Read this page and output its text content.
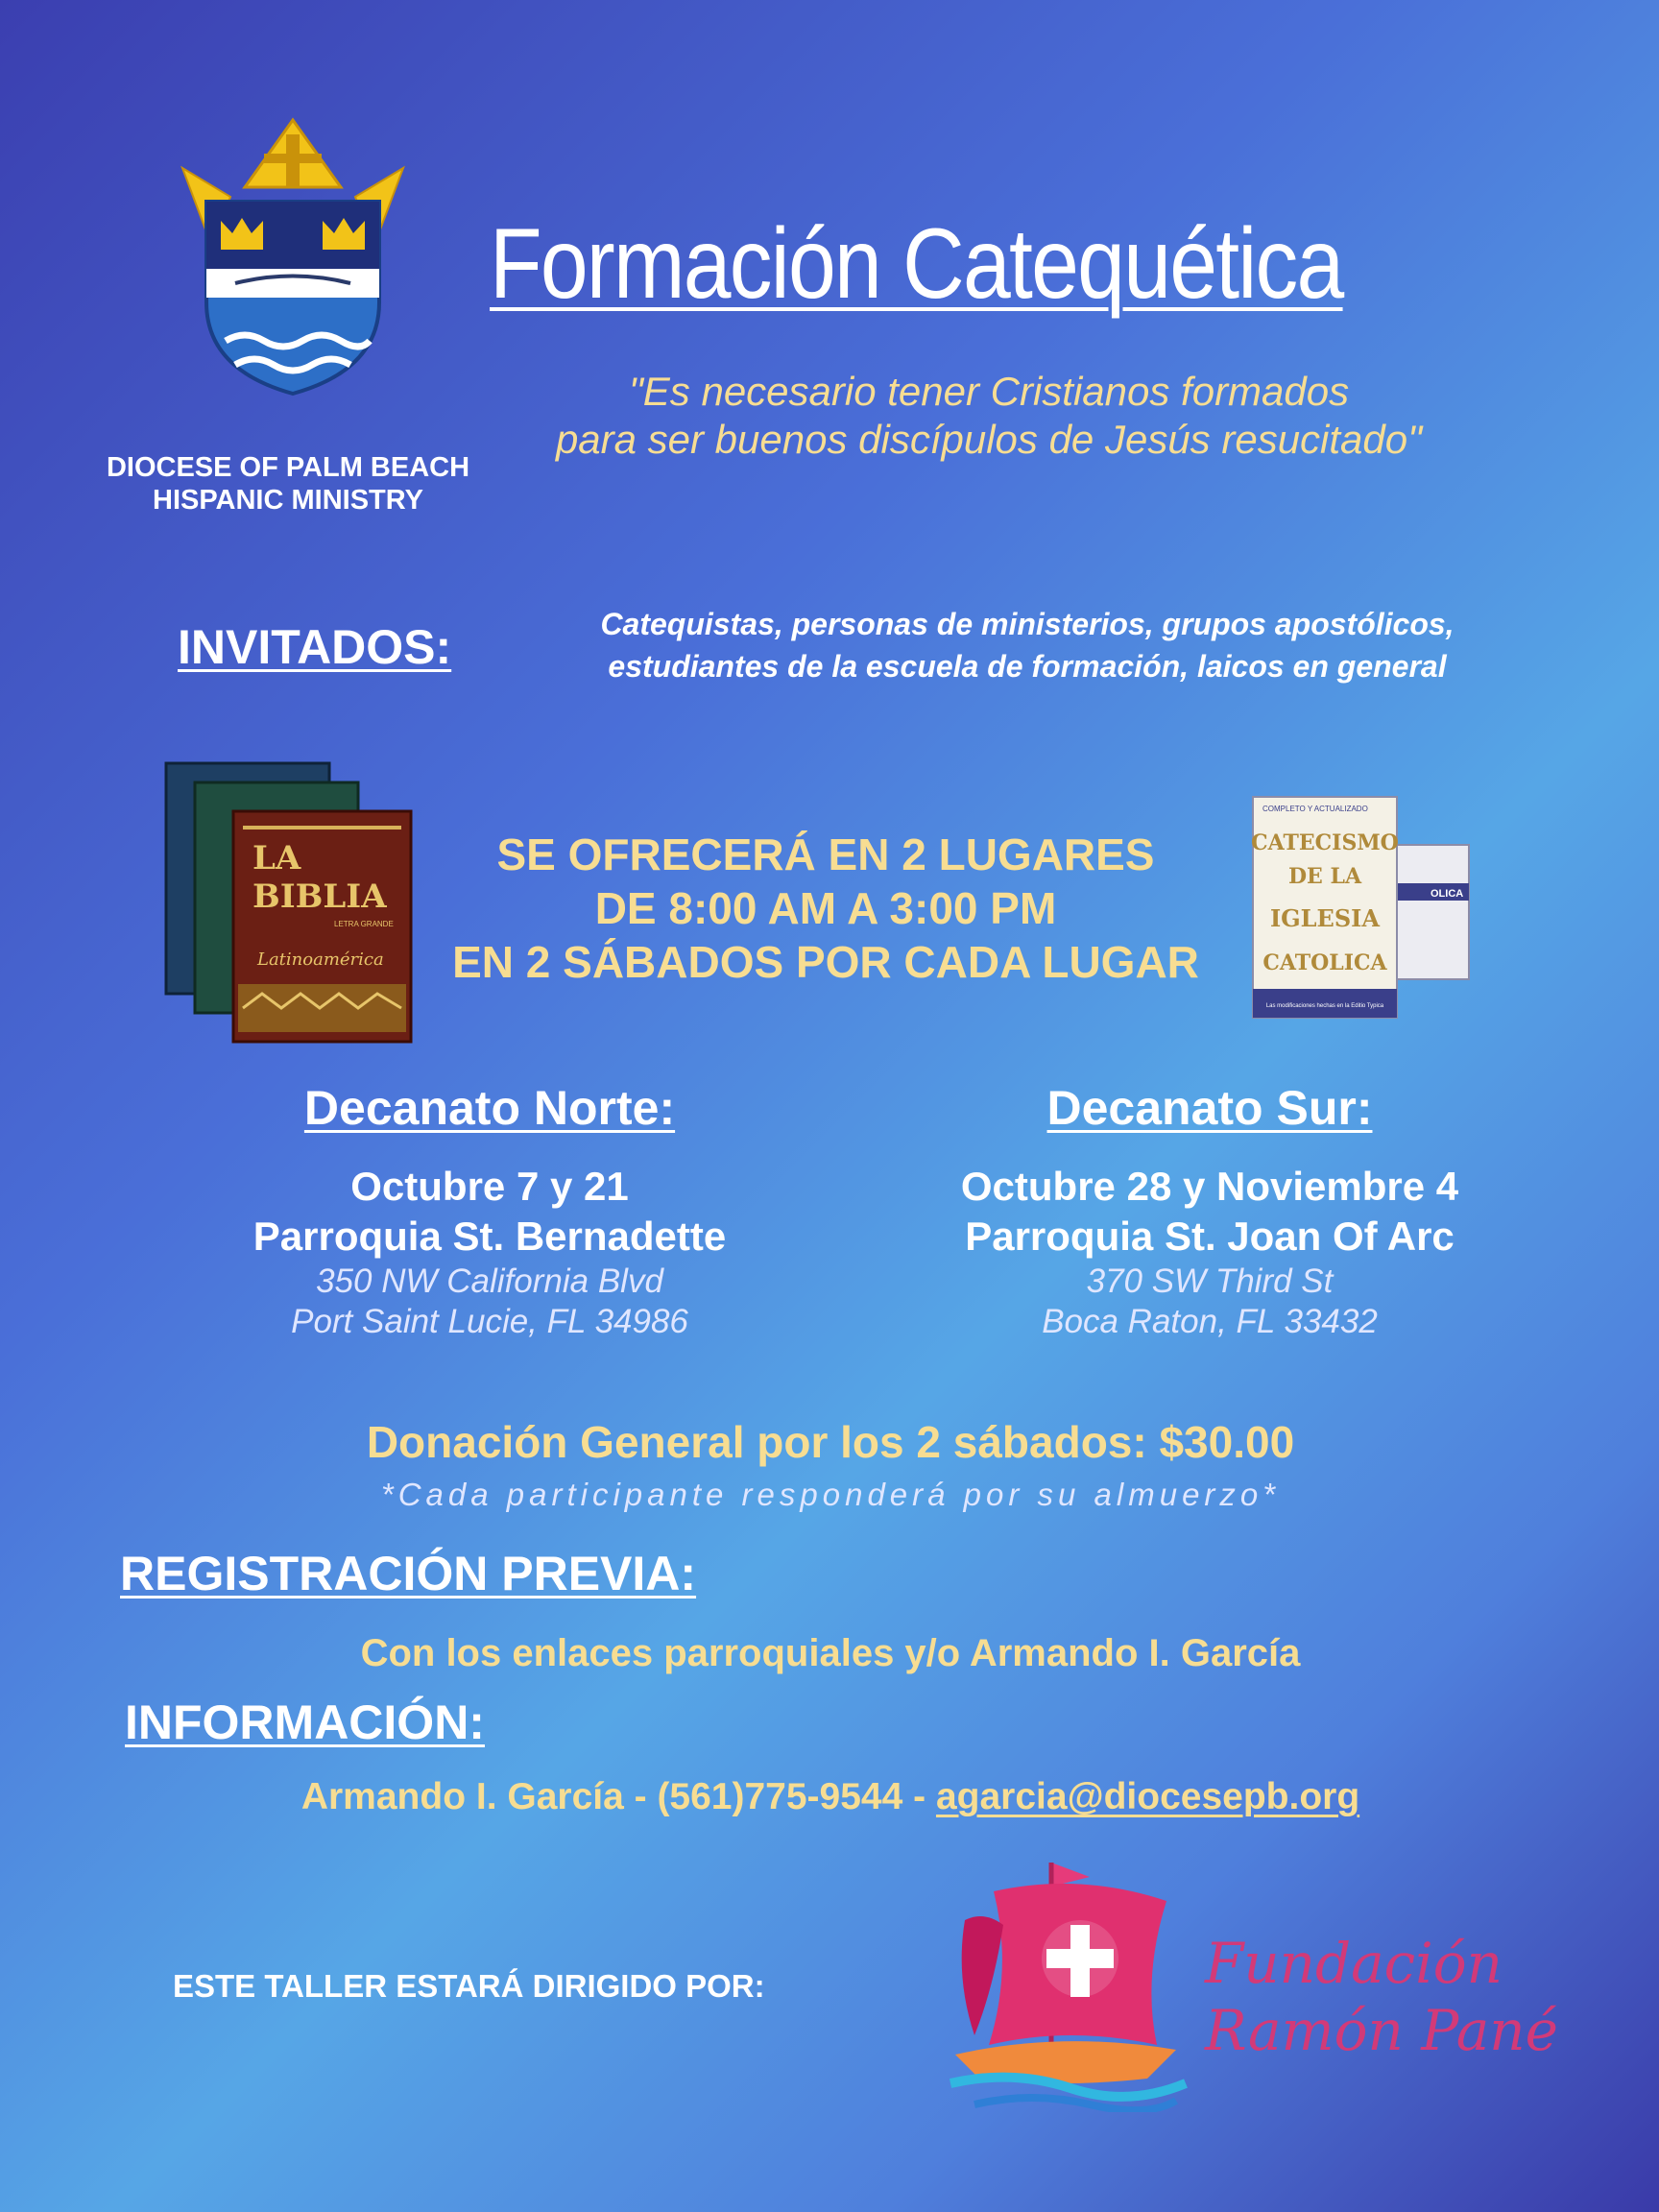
DIOCESE OF PALM BEACH
HISPANIC MINISTRY
Formación Catequética
"Es necesario tener Cristianos formados
para ser buenos discípulos de Jesús resucitado"
INVITADOS:	Catequistas, personas de ministerios, grupos apostólicos,
estudiantes de la escuela de formación, laicos en general
LA
BIBLIA
LETRA GRANDE
Latinoamérica
SE OFRECERÁ EN 2 LUGARES
DE 8:00 AM A 3:00 PM
EN 2 SÁBADOS POR CADA LUGAR
OLICA
COMPLETO Y ACTUALIZADO
CATECISMO
DE LA
IGLESIA
CATOLICA
Las modificaciones hechas en la Editio Typica
Decanato Norte:
Octubre 7 y 21
Parroquia St. Bernadette
350 NW California Blvd
Port Saint Lucie, FL 34986
Decanato Sur:
Octubre 28 y Noviembre 4
Parroquia St. Joan Of Arc
370 SW Third St
Boca Raton, FL 33432
Donación General por los 2 sábados: $30.00
*Cada participante responderá por su almuerzo*
REGISTRACIÓN PREVIA:
Con los enlaces parroquiales y/o Armando I. García
INFORMACIÓN:
Armando I. García - (561)775-9544 - agarcia@diocesepb.org
ESTE TALLER ESTARÁ DIRIGIDO POR:	Fundación
Ramón Pané
